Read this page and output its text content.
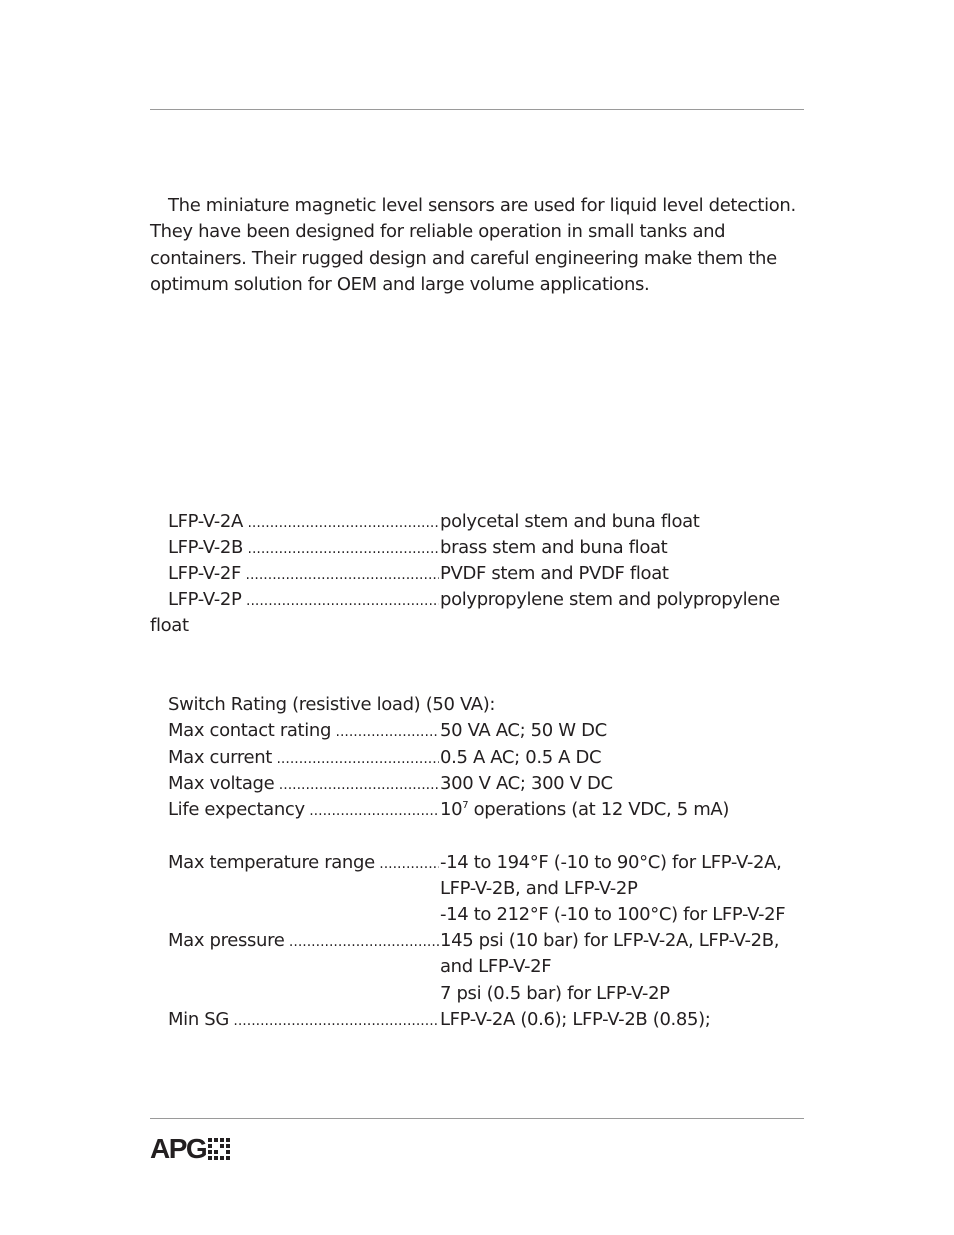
The miniature magnetic level sensors are used for liquid level detection. They have been designed for reliable operation in small tanks and containers. Their rugged design and careful engineering make them the optimum solution for OEM and large volume applications.

LFP-V-2A .....	polycetal stem and buna float
LFP-V-2B .....	brass stem and buna float
LFP-V-2F .....	PVDF stem and PVDF float
LFP-V-2P .....	polypropylene stem and polypropylene
float
Switch Rating (resistive load) (50 VA):
Max contact rating .....	50 VA AC; 50 W DC
Max current .....	0.5 A AC; 0.5 A DC
Max voltage .....	300 V AC; 300 V DC
Life expectancy .....	$10^7$ operations (at 12 VDC, 5 mA)
Max temperature range .....	-14 to 194°F (-10 to 90°C) for LFP-V-2A,
LFP-V-2B, and LFP-V-2P
-14 to 212°F (-10 to 100°C) for LFP-V-2F
Max pressure .....	145 psi (10 bar) for LFP-V-2A, LFP-V-2B,
and LFP-V-2F
7 psi (0.5 bar) for LFP-V-2P
Min SG .....	LFP-V-2A (0.6); LFP-V-2B (0.85);
APG
